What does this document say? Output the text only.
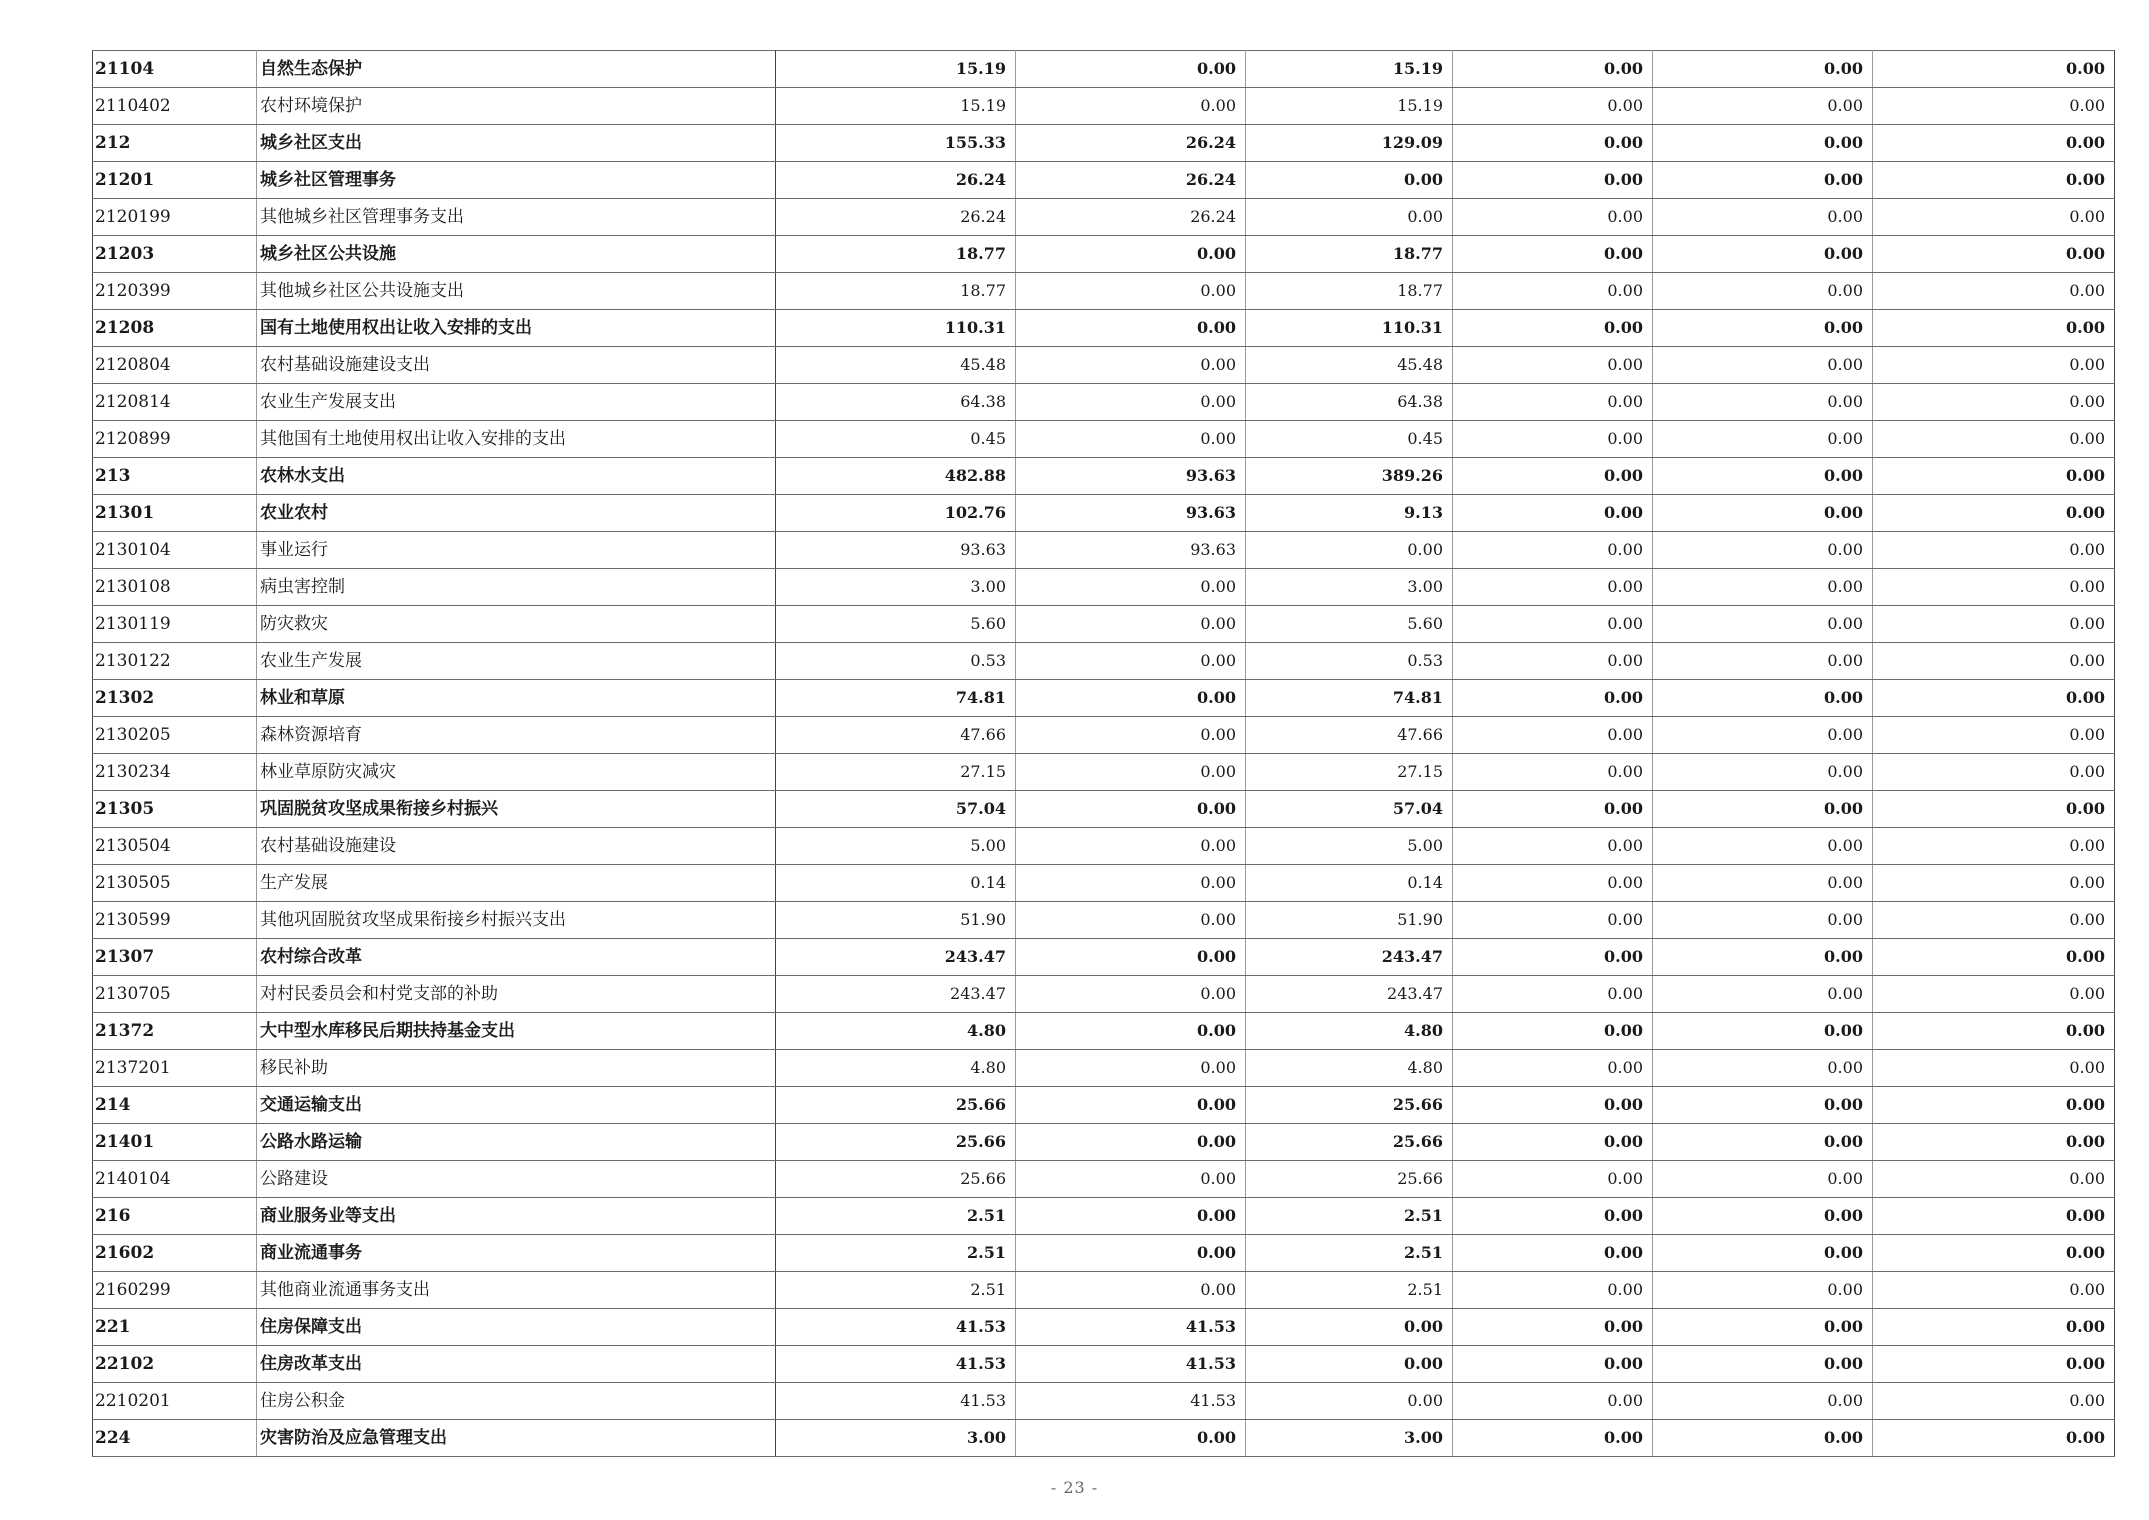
21104	自然生态保护	15.19	0.00	15.19	0.00	0.00	0.00
2110402	农村环境保护	15.19	0.00	15.19	0.00	0.00	0.00
212	城乡社区支出	155.33	26.24	129.09	0.00	0.00	0.00
21201	城乡社区管理事务	26.24	26.24	0.00	0.00	0.00	0.00
2120199	其他城乡社区管理事务支出	26.24	26.24	0.00	0.00	0.00	0.00
21203	城乡社区公共设施	18.77	0.00	18.77	0.00	0.00	0.00
2120399	其他城乡社区公共设施支出	18.77	0.00	18.77	0.00	0.00	0.00
21208	国有土地使用权出让收入安排的支出	110.31	0.00	110.31	0.00	0.00	0.00
2120804	农村基础设施建设支出	45.48	0.00	45.48	0.00	0.00	0.00
2120814	农业生产发展支出	64.38	0.00	64.38	0.00	0.00	0.00
2120899	其他国有土地使用权出让收入安排的支出	0.45	0.00	0.45	0.00	0.00	0.00
213	农林水支出	482.88	93.63	389.26	0.00	0.00	0.00
21301	农业农村	102.76	93.63	9.13	0.00	0.00	0.00
2130104	事业运行	93.63	93.63	0.00	0.00	0.00	0.00
2130108	病虫害控制	3.00	0.00	3.00	0.00	0.00	0.00
2130119	防灾救灾	5.60	0.00	5.60	0.00	0.00	0.00
2130122	农业生产发展	0.53	0.00	0.53	0.00	0.00	0.00
21302	林业和草原	74.81	0.00	74.81	0.00	0.00	0.00
2130205	森林资源培育	47.66	0.00	47.66	0.00	0.00	0.00
2130234	林业草原防灾减灾	27.15	0.00	27.15	0.00	0.00	0.00
21305	巩固脱贫攻坚成果衔接乡村振兴	57.04	0.00	57.04	0.00	0.00	0.00
2130504	农村基础设施建设	5.00	0.00	5.00	0.00	0.00	0.00
2130505	生产发展	0.14	0.00	0.14	0.00	0.00	0.00
2130599	其他巩固脱贫攻坚成果衔接乡村振兴支出	51.90	0.00	51.90	0.00	0.00	0.00
21307	农村综合改革	243.47	0.00	243.47	0.00	0.00	0.00
2130705	对村民委员会和村党支部的补助	243.47	0.00	243.47	0.00	0.00	0.00
21372	大中型水库移民后期扶持基金支出	4.80	0.00	4.80	0.00	0.00	0.00
2137201	移民补助	4.80	0.00	4.80	0.00	0.00	0.00
214	交通运输支出	25.66	0.00	25.66	0.00	0.00	0.00
21401	公路水路运输	25.66	0.00	25.66	0.00	0.00	0.00
2140104	公路建设	25.66	0.00	25.66	0.00	0.00	0.00
216	商业服务业等支出	2.51	0.00	2.51	0.00	0.00	0.00
21602	商业流通事务	2.51	0.00	2.51	0.00	0.00	0.00
2160299	其他商业流通事务支出	2.51	0.00	2.51	0.00	0.00	0.00
221	住房保障支出	41.53	41.53	0.00	0.00	0.00	0.00
22102	住房改革支出	41.53	41.53	0.00	0.00	0.00	0.00
2210201	住房公积金	41.53	41.53	0.00	0.00	0.00	0.00
224	灾害防治及应急管理支出	3.00	0.00	3.00	0.00	0.00	0.00
- 23 -
